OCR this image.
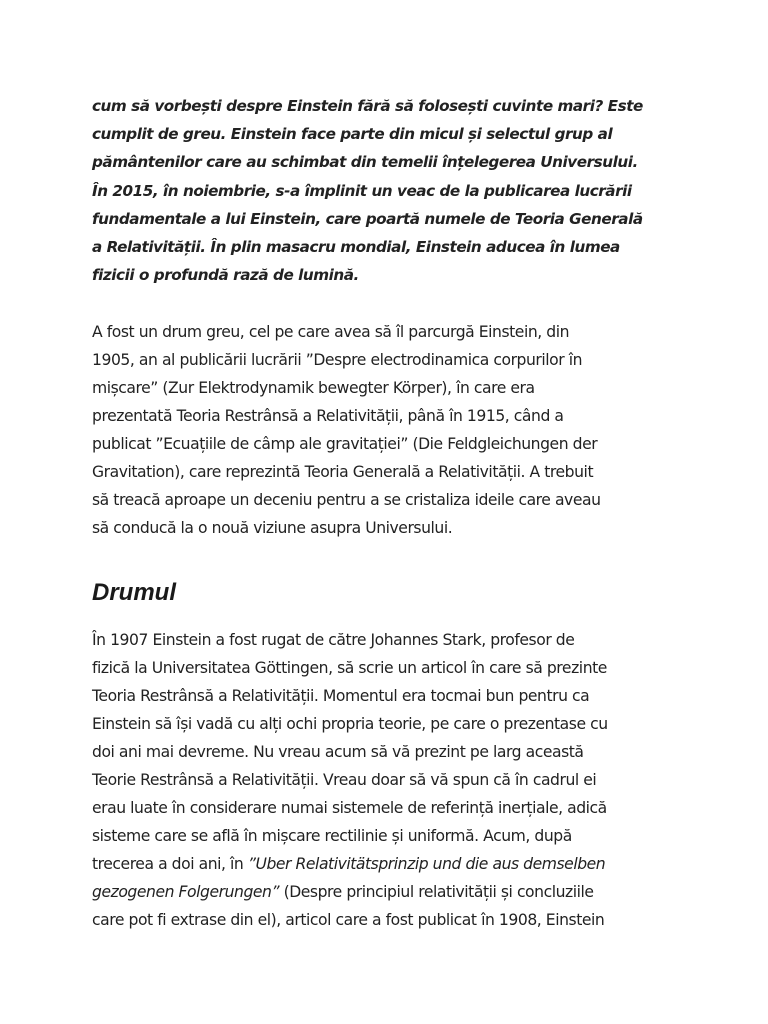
cum să vorbești despre Einstein fără să folosești cuvinte mari? Este
cumplit de greu. Einstein face parte din micul și selectul grup al
pământenilor care au schimbat din temelii înțelegerea Universului.
În 2015, în noiembrie, s-a împlinit un veac de la publicarea lucrării
fundamentale a lui Einstein, care poartă numele de Teoria Generală
a Relativității. În plin masacru mondial, Einstein aducea în lumea
fizicii o profundă rază de lumină.

A fost un drum greu, cel pe care avea să îl parcurgă Einstein, din
1905, an al publicării lucrării ”Despre electrodinamica corpurilor în
mișcare” (Zur Elektrodynamik bewegter Körper), în care era
prezentată Teoria Restrânsă a Relativității, până în 1915, când a
publicat ”Ecuațiile de câmp ale gravitației” (Die Feldgleichungen der
Gravitation), care reprezintă Teoria Generală a Relativității. A trebuit
să treacă aproape un deceniu pentru a se cristaliza ideile care aveau
să conducă la o nouă viziune asupra Universului.

Drumul

În 1907 Einstein a fost rugat de către Johannes Stark, profesor de
fizică la Universitatea Göttingen, să scrie un articol în care să prezinte
Teoria Restrânsă a Relativității. Momentul era tocmai bun pentru ca
Einstein să își vadă cu alți ochi propria teorie, pe care o prezentase cu
doi ani mai devreme. Nu vreau acum să vă prezint pe larg această
Teorie Restrânsă a Relativității. Vreau doar să vă spun că în cadrul ei
erau luate în considerare numai sistemele de referință inerțiale, adică
sisteme care se află în mișcare rectilinie și uniformă. Acum, după
trecerea a doi ani, în ”Uber Relativitätsprinzip und die aus demselben
gezogenen Folgerungen” (Despre principiul relativității și concluziile
care pot fi extrase din el), articol care a fost publicat în 1908, Einstein
